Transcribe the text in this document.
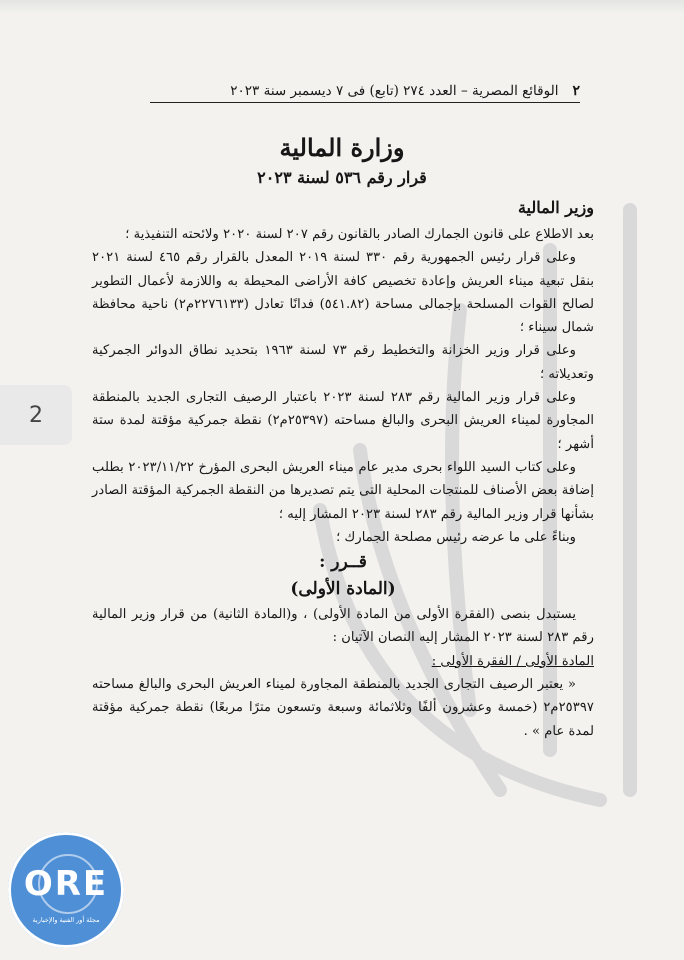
٢
الوقائع المصرية – العدد ٢٧٤ (تابع) فى ٧ ديسمبر سنة ٢٠٢٣
وزارة المالية
قرار رقم ٥٣٦ لسنة ٢٠٢٣
وزير المالية

بعد الاطلاع على قانون الجمارك الصادر بالقانون رقم ٢٠٧ لسنة ٢٠٢٠ ولائحته التنفيذية ؛

وعلى قرار رئيس الجمهورية رقم ٣٣٠ لسنة ٢٠١٩ المعدل بالقرار رقم ٤٦٥ لسنة ٢٠٢١ بنقل تبعية ميناء العريش وإعادة تخصيص كافة الأراضى المحيطة به واللازمة لأعمال التطوير لصالح القوات المسلحة بإجمالى مساحة (٥٤١.٨٢) فدانًا تعادل (٢٢٧٦١٣٣م٢) ناحية محافظة شمال سيناء ؛

وعلى قرار وزير الخزانة والتخطيط رقم ٧٣ لسنة ١٩٦٣ بتحديد نطاق الدوائر الجمركية وتعديلاته ؛

وعلى قرار وزير المالية رقم ٢٨٣ لسنة ٢٠٢٣ باعتبار الرصيف التجارى الجديد بالمنطقة المجاورة لميناء العريش البحرى والبالغ مساحته (٢٥٣٩٧م٢) نقطة جمركية مؤقتة لمدة ستة أشهر ؛

وعلى كتاب السيد اللواء بحرى مدير عام ميناء العريش البحرى المؤرخ ٢٠٢٣/١١/٢٢ بطلب إضافة بعض الأصناف للمنتجات المحلية التى يتم تصديرها من النقطة الجمركية المؤقتة الصادر بشأنها قرار وزير المالية رقم ٢٨٣ لسنة ٢٠٢٣ المشار إليه ؛

وبناءً على ما عرضه رئيس مصلحة الجمارك ؛

قــرر :
(المادة الأولى)

يستبدل بنصى (الفقرة الأولى من المادة الأولى) ، و(المادة الثانية) من قرار وزير المالية رقم ٢٨٣ لسنة ٢٠٢٣ المشار إليه النصان الآتيان :

المادة الأولى / الفقرة الأولى :

« يعتبر الرصيف التجارى الجديد بالمنطقة المجاورة لميناء العريش البحرى والبالغ مساحته ٢٥٣٩٧م٢ (خمسة وعشرون ألفًا وثلاثمائة وسبعة وتسعون مترًا مربعًا) نقطة جمركية مؤقتة لمدة عام » .

2
ORE
مجلة أور الفنية والإخبارية
